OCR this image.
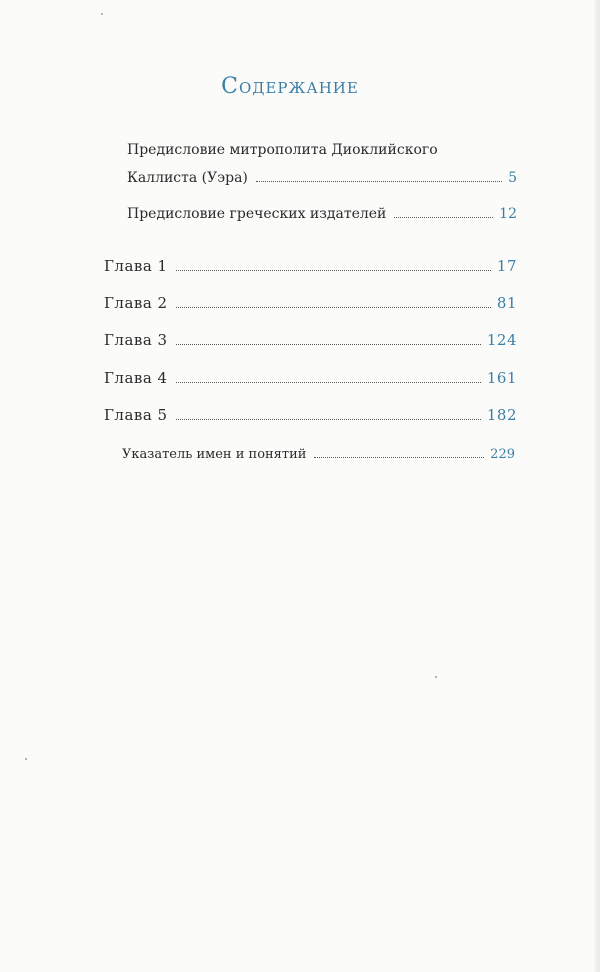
Содержание
Предисловие митрополита Диоклийского
Каллиста (Уэра)	5
Предисловие греческих издателей	12
Глава 1	17
Глава 2	81
Глава 3	124
Глава 4	161
Глава 5	182
Указатель имен и понятий	229
